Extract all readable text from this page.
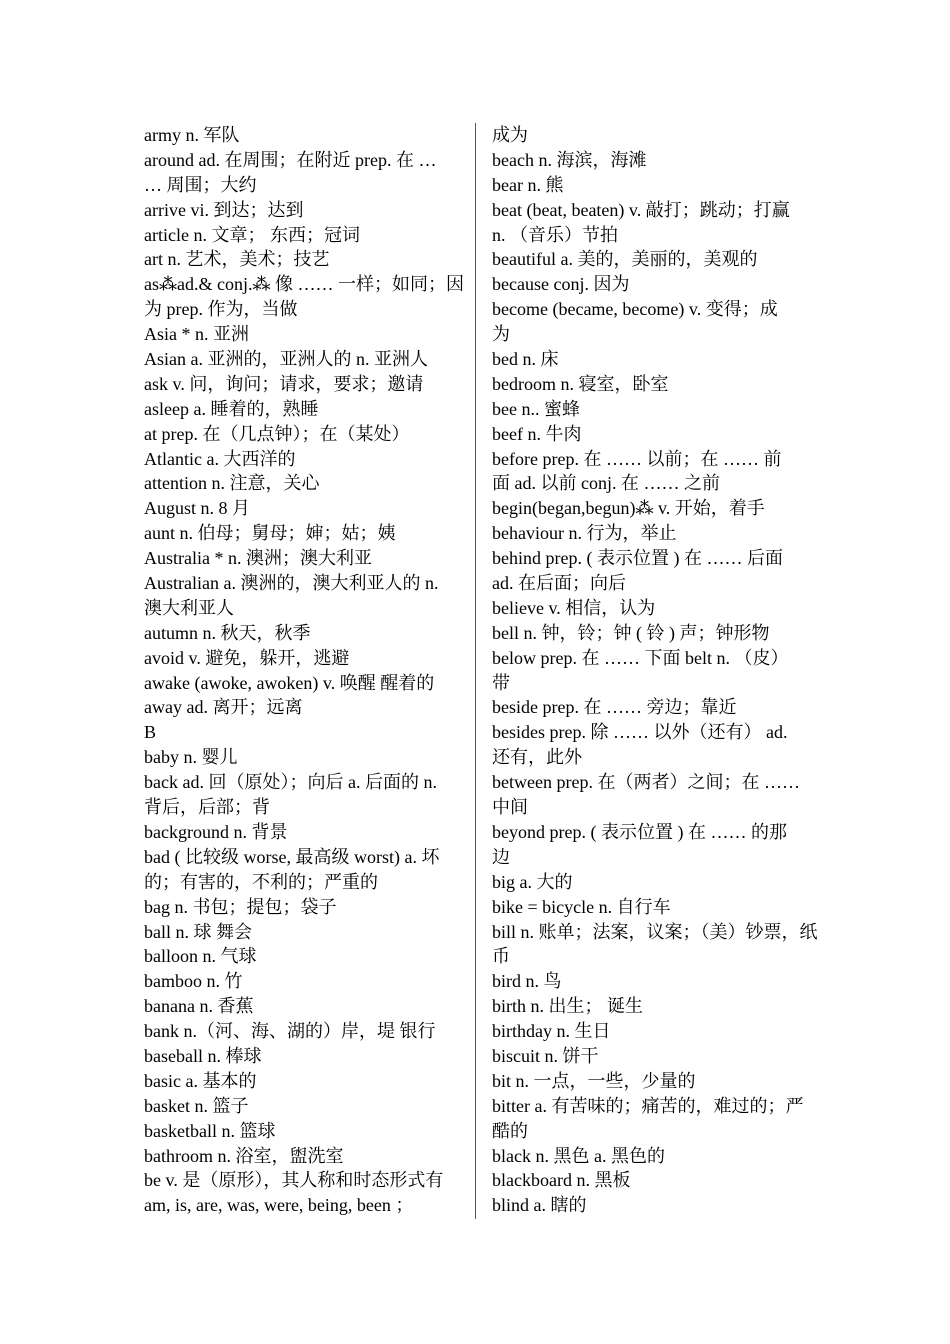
army n. 军队
around ad. 在周围；在附近 prep. 在 …
… 周围；大约
arrive vi. 到达；达到
article n. 文章； 东西；冠词
art n. 艺术，美术；技艺
as⁂ad.& conj.⁂ 像 …… 一样；如同；因
为 prep. 作为，当做
Asia * n. 亚洲
Asian a. 亚洲的，亚洲人的 n. 亚洲人
ask v. 问，询问；请求，要求；邀请
asleep a. 睡着的，熟睡
at prep. 在（几点钟）；在（某处）
Atlantic a. 大西洋的
attention n. 注意，关心
August n. 8 月
aunt n. 伯母；舅母；婶；姑；姨
Australia * n. 澳洲；澳大利亚
Australian a. 澳洲的，澳大利亚人的 n.
澳大利亚人
autumn n. 秋天，秋季
avoid v. 避免，躲开，逃避
awake (awoke, awoken) v. 唤醒 醒着的
away ad. 离开；远离
B
baby n. 婴儿
back ad. 回（原处）；向后 a. 后面的 n.
背后，后部；背
background n. 背景
bad ( 比较级 worse, 最高级 worst) a. 坏
的；有害的，不利的；严重的
bag n. 书包；提包；袋子
ball n. 球 舞会
balloon n. 气球
bamboo n. 竹
banana n. 香蕉
bank n.（河、海、湖的）岸，堤 银行
baseball n. 棒球
basic a. 基本的
basket n. 篮子
basketball n. 篮球
bathroom n. 浴室，盥洗室
be v. 是（原形），其人称和时态形式有
am, is, are, was, were, being, been ；
成为
beach n. 海滨，海滩
bear n. 熊
beat (beat, beaten) v. 敲打；跳动；打赢
n. （音乐）节拍
beautiful a. 美的，美丽的，美观的
because conj. 因为
become (became, become) v. 变得；成
为
bed n. 床
bedroom n. 寝室，卧室
bee n.. 蜜蜂
beef n. 牛肉
before prep. 在 …… 以前；在 …… 前
面 ad. 以前 conj. 在 …… 之前
begin(began,begun)⁂ v. 开始，着手
behaviour n. 行为，举止
behind prep. ( 表示位置 ) 在 …… 后面
ad. 在后面；向后
believe v. 相信，认为
bell n. 钟，铃；钟 ( 铃 ) 声；钟形物
below prep. 在 …… 下面 belt n. （皮）
带
beside prep. 在 …… 旁边；靠近
besides prep. 除 …… 以外（还有） ad.
还有，此外
between prep. 在（两者）之间；在 ……
中间
beyond prep. ( 表示位置 ) 在 …… 的那
边
big a. 大的
bike = bicycle n. 自行车
bill n. 账单；法案，议案；（美）钞票，纸
币
bird n. 鸟
birth n. 出生； 诞生
birthday n. 生日
biscuit n. 饼干
bit n. 一点，一些，少量的
bitter a. 有苦味的；痛苦的，难过的；严
酷的
black n. 黑色 a. 黑色的
blackboard n. 黑板
blind a. 瞎的
